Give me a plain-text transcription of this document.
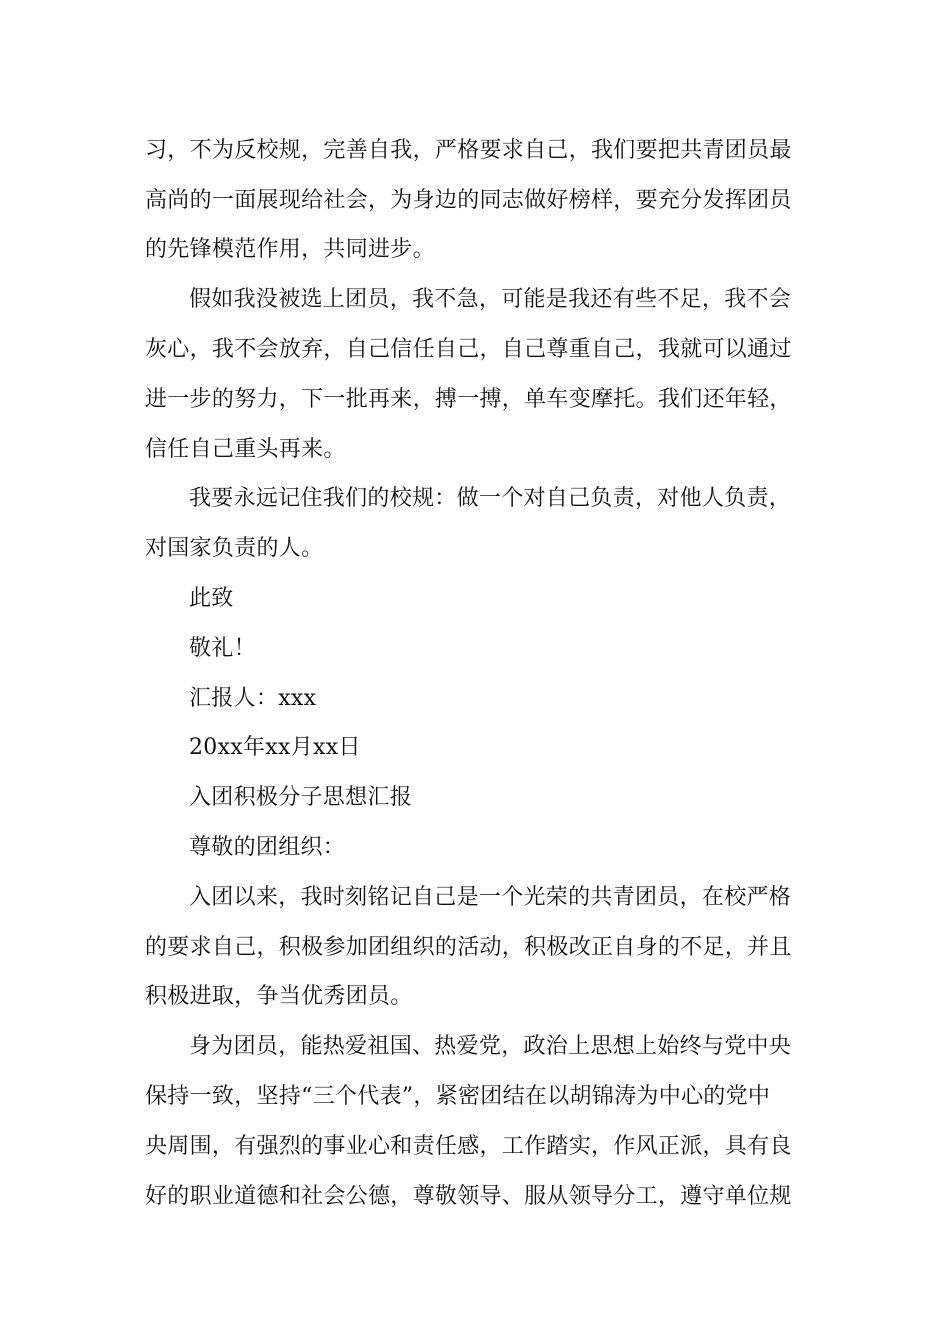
习，不为反校规，完善自我，严格要求自己，我们要把共青团员最
高尚的一面展现给社会，为身边的同志做好榜样，要充分发挥团员
的先锋模范作用，共同进步。
假如我没被选上团员，我不急，可能是我还有些不足，我不会
灰心，我不会放弃，自己信任自己，自己尊重自己，我就可以通过
进一步的努力，下一批再来，搏一搏，单车变摩托。我们还年轻，
信任自己重头再来。
我要永远记住我们的校规：做一个对自己负责，对他人负责，
对国家负责的人。
此致
敬礼！
汇报人：xxx
20xx年xx月xx日
入团积极分子思想汇报
尊敬的团组织：
入团以来，我时刻铭记自己是一个光荣的共青团员，在校严格
的要求自己，积极参加团组织的活动，积极改正自身的不足，并且
积极进取，争当优秀团员。
身为团员，能热爱祖国、热爱党，政治上思想上始终与党中央
保持一致，坚持“三个代表”，紧密团结在以胡锦涛为中心的党中
央周围，有强烈的事业心和责任感，工作踏实，作风正派，具有良
好的职业道德和社会公德，尊敬领导、服从领导分工，遵守单位规
